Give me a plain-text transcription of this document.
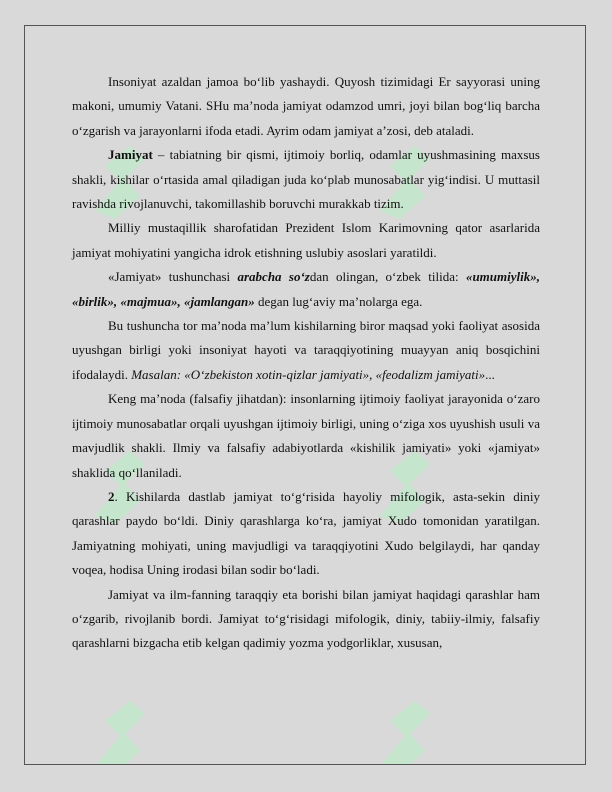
Insoniyat azaldan jamoa bo‘lib yashaydi. Quyosh tizimidagi Er sayyorasi uning makoni, umumiy Vatani. SHu ma’noda jamiyat odamzod umri, joyi bilan bog‘liq barcha o‘zgarish va jarayonlarni ifoda etadi. Ayrim odam jamiyat a’zosi, deb ataladi.

Jamiyat – tabiatning bir qismi, ijtimoiy borliq, odamlar uyushmasining maxsus shakli, kishilar o‘rtasida amal qiladigan juda ko‘plab munosabatlar yig‘indisi. U muttasil ravishda rivojlanuvchi, takomillashib boruvchi murakkab tizim.

Milliy mustaqillik sharofatidan Prezident Islom Karimovning qator asarlarida jamiyat mohiyatini yangicha idrok etishning uslubiy asoslari yaratildi.

«Jamiyat» tushunchasi arabcha so‘zdan olingan, o‘zbek tilida: «umumiylik», «birlik», «majmua», «jamlangan» degan lug‘aviy ma’nolarga ega.

Bu tushuncha tor ma’noda ma’lum kishilarning biror maqsad yoki faoliyat asosida uyushgan birligi yoki insoniyat hayoti va taraqqiyotining muayyan aniq bosqichini ifodalaydi. Masalan: «O‘zbekiston xotin-qizlar jamiyati», «feodalizm jamiyati»...

Keng ma’noda (falsafiy jihatdan): insonlarning ijtimoiy faoliyat jarayonida o‘zaro ijtimoiy munosabatlar orqali uyushgan ijtimoiy birligi, uning o‘ziga xos uyushish usuli va mavjudlik shakli. Ilmiy va falsafiy adabiyotlarda «kishilik jamiyati» yoki «jamiyat» shaklida qo‘llaniladi.

2. Kishilarda dastlab jamiyat to‘g‘risida hayoliy mifologik, asta-sekin diniy qarashlar paydo bo‘ldi. Diniy qarashlarga ko‘ra, jamiyat Xudo tomonidan yaratilgan. Jamiyatning mohiyati, uning mavjudligi va taraqqiyotini Xudo belgilaydi, har qanday voqea, hodisa Uning irodasi bilan sodir bo‘ladi.

Jamiyat va ilm-fanning taraqqiy eta borishi bilan jamiyat haqidagi qarashlar ham o‘zgarib, rivojlanib bordi. Jamiyat to‘g‘risidagi mifologik, diniy, tabiiy-ilmiy, falsafiy qarashlarni bizgacha etib kelgan qadimiy yozma yodgorliklar, xususan,
